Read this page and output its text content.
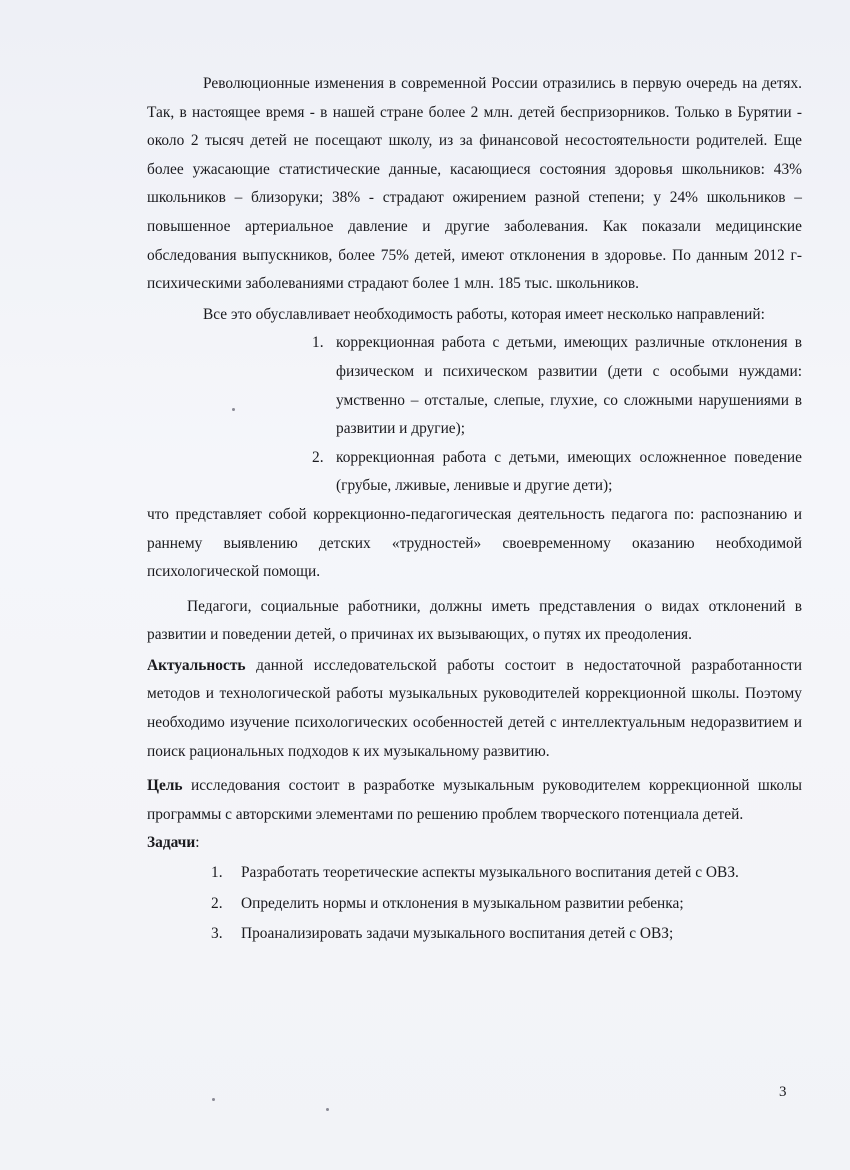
Революционные изменения в современной России отразились в первую очередь на детях. Так, в настоящее время - в нашей стране более 2 млн. детей беспризорников. Только в Бурятии - около 2 тысяч детей не посещают школу, из за финансовой несостоятельности родителей. Еще более ужасающие статистические данные, касающиеся состояния здоровья школьников: 43% школьников – близоруки; 38% - страдают ожирением разной степени; у 24% школьников – повышенное артериальное давление и другие заболевания. Как показали медицинские обследования выпускников, более 75% детей, имеют отклонения в здоровье. По данным 2012 г- психическими заболеваниями страдают более 1 млн. 185 тыс. школьников.

Все это обуславливает необходимость работы, которая имеет несколько направлений:

1. коррекционная работа с детьми, имеющих различные отклонения в физическом и психическом развитии (дети с особыми нуждами: умственно – отсталые, слепые, глухие, со сложными нарушениями в развитии и другие);
2. коррекционная работа с детьми, имеющих осложненное поведение (грубые, лживые, ленивые и другие дети);

что представляет собой коррекционно-педагогическая деятельность педагога по: распознанию и раннему выявлению детских «трудностей» своевременному оказанию необходимой психологической помощи.

Педагоги, социальные работники, должны иметь представления о видах отклонений в развитии и поведении детей, о причинах их вызывающих, о путях их преодоления.

Актуальность данной исследовательской работы состоит в недостаточной разработанности методов и технологической работы музыкальных руководителей коррекционной школы. Поэтому необходимо изучение психологических особенностей детей с интеллектуальным недоразвитием и поиск рациональных подходов к их музыкальному развитию.

Цель исследования состоит в разработке музыкальным руководителем коррекционной школы программы с авторскими элементами по решению проблем творческого потенциала детей.

Задачи:

1. Разработать теоретические аспекты музыкального воспитания детей с ОВЗ.
2. Определить нормы и отклонения в музыкальном развитии ребенка;
3. Проанализировать задачи музыкального воспитания детей с ОВЗ;
3
